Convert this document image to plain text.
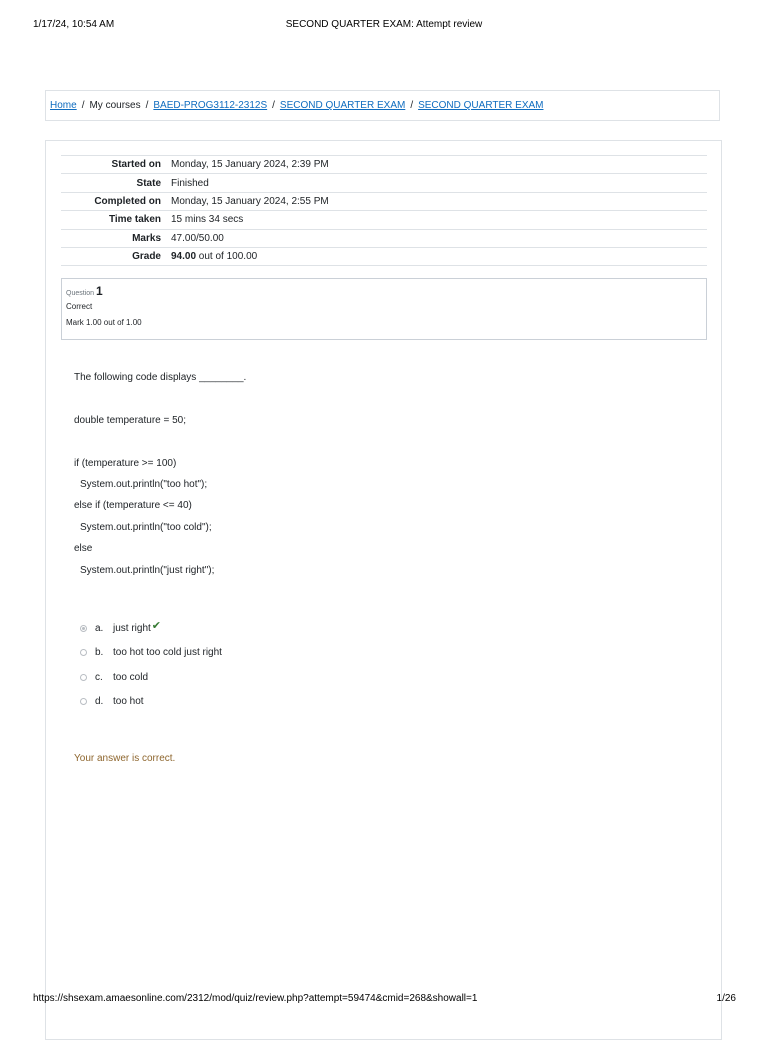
1/17/24, 10:54 AM	SECOND QUARTER EXAM: Attempt review
Home / My courses / BAED-PROG3112-2312S / SECOND QUARTER EXAM / SECOND QUARTER EXAM
Started on	Monday, 15 January 2024, 2:39 PM
State	Finished
Completed on	Monday, 15 January 2024, 2:55 PM
Time taken	15 mins 34 secs
Marks	47.00/50.00
Grade	94.00 out of 100.00
Question 1
Correct
Mark 1.00 out of 1.00
The following code displays ________.
double temperature = 50;
if (temperature >= 100)
System.out.println("too hot");
else if (temperature <= 40)
System.out.println("too cold");
else
System.out.println("just right");
a. just right ✔
b. too hot too cold just right
c.	too cold
d. too hot
Your answer is correct.
https://shsexam.amaesonline.com/2312/mod/quiz/review.php?attempt=59474&cmid=268&showall=1	1/26
